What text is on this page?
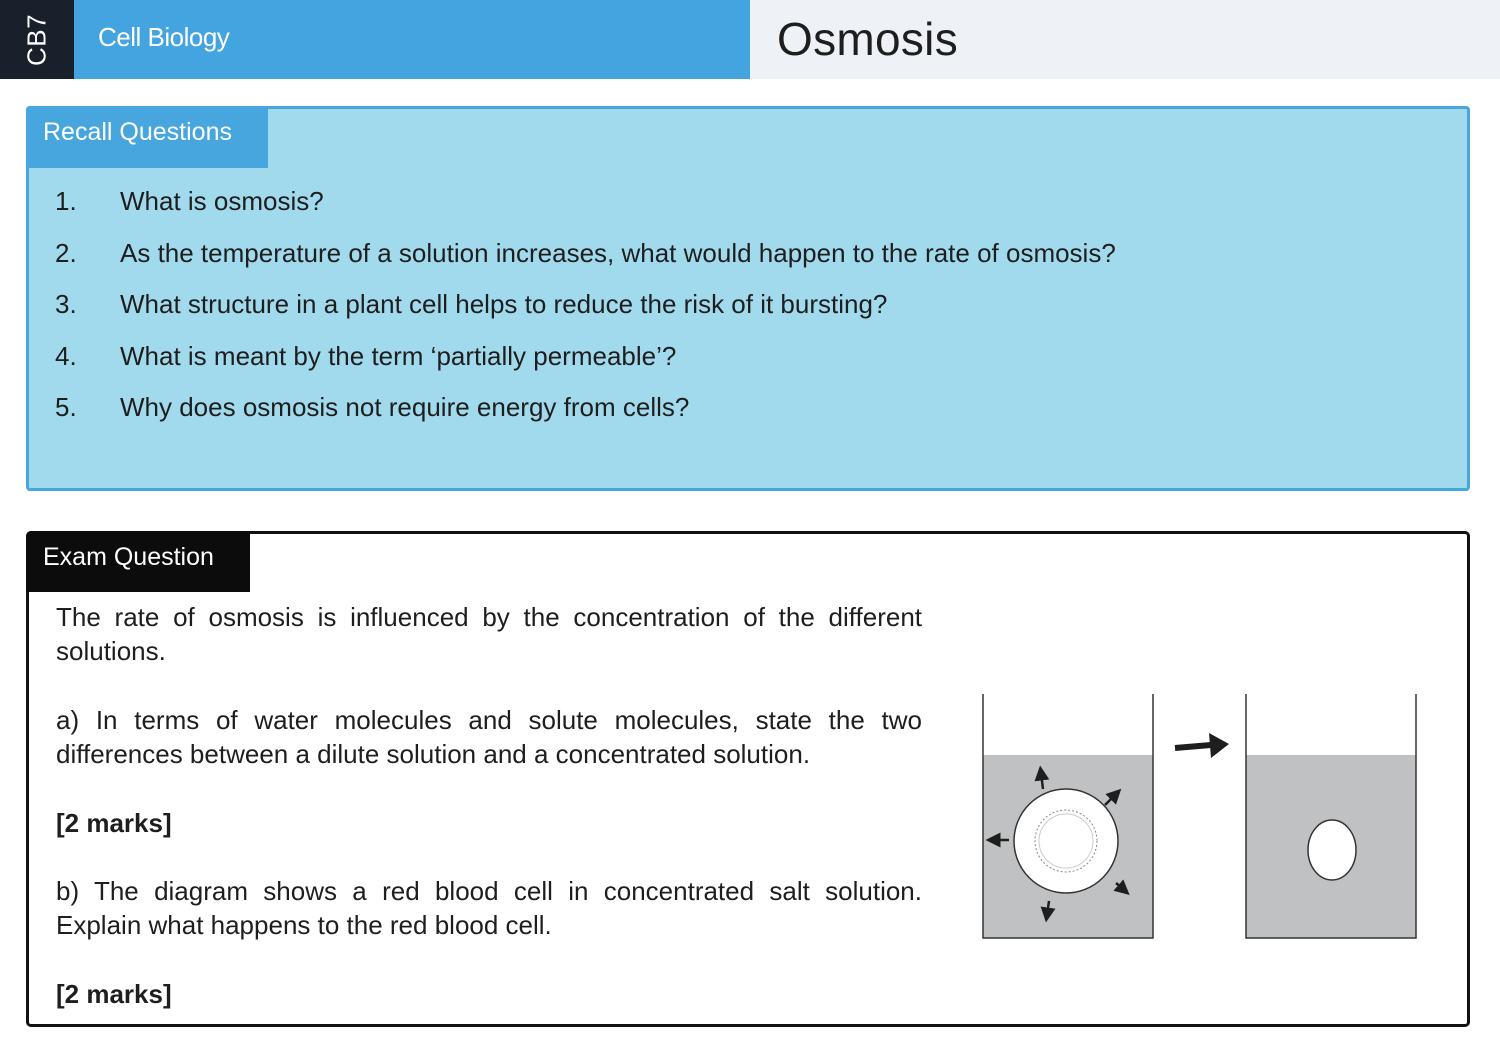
CB7 Cell Biology	Osmosis
Recall Questions
1. What is osmosis?
2. As the temperature of a solution increases, what would happen to the rate of osmosis?
3. What structure in a plant cell helps to reduce the risk of it bursting?
4. What is meant by the term ‘partially permeable’?
5. Why does osmosis not require energy from cells?
Exam Question

The rate of osmosis is influenced by the concentration of the different solutions.

a) In terms of water molecules and solute molecules, state the two differences between a dilute solution and a concentrated solution.

[2 marks]

b) The diagram shows a red blood cell in concentrated salt solution. Explain what happens to the red blood cell.

[2 marks]
